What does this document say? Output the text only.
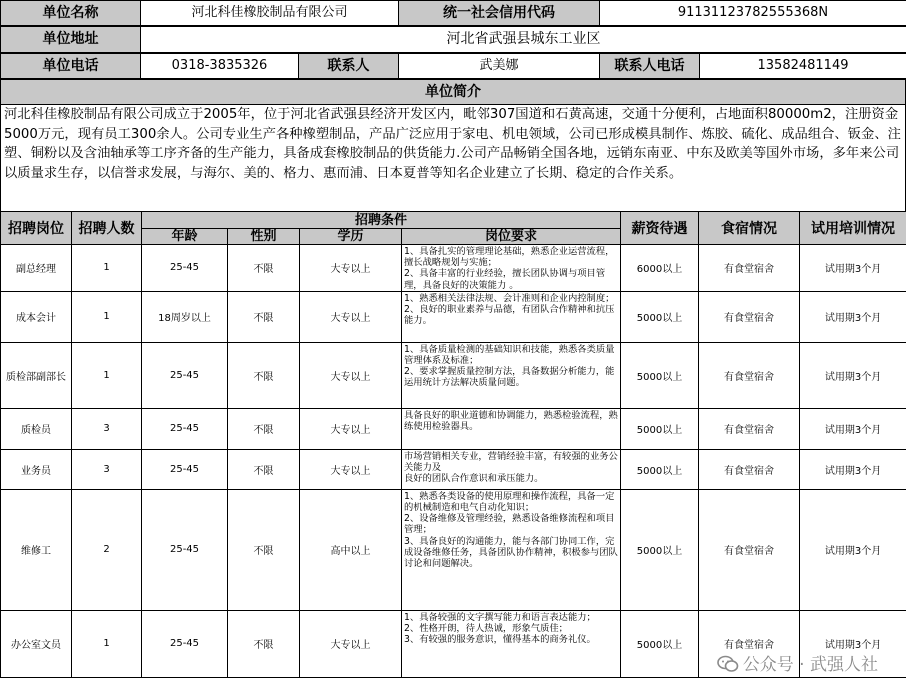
单位名称	河北科佳橡胶制品有限公司	统一社会信用代码	91131123782555368N
单位地址	河北省武强县城东工业区
单位电话	0318-3835326	联系人	武美娜	联系人电话	13582481149
单位简介
河北科佳橡胶制品有限公司成立于2005年，位于河北省武强县经济开发区内，毗邻307国道和石黄高速，交通十分便利，占地面积80000m2，注册资金5000万元，现有员工300余人。公司专业生产各种橡塑制品，产品广泛应用于家电、机电领域，公司已形成模具制作、炼胶、硫化、成品组合、钣金、注塑、铜粉以及含油轴承等工序齐备的生产能力，具备成套橡胶制品的供货能力.公司产品畅销全国各地，远销东南亚、中东及欧美等国外市场，多年来公司以质量求生存，以信誉求发展，与海尔、美的、格力、惠而浦、日本夏普等知名企业建立了长期、稳定的合作关系。
招聘岗位	招聘人数	招聘条件				薪资待遇	食宿情况	试用培训情况
		年龄	性别	学历	岗位要求			
副总经理	1	25-45	不限	大专以上	1、具备扎实的管理理论基础，熟悉企业运营流程，擅长战略规划与实施；
2、具备丰富的行业经验，擅长团队协调与项目管理，具备良好的决策能力 。	6000以上	有食堂宿舍	试用期3个月
成本会计	1	18周岁以上	不限	大专以上	1、熟悉相关法律法规、会计准则和企业内控制度；
2、良好的职业素养与品德，有团队合作精神和抗压能力。	5000以上	有食堂宿舍	试用期3个月
质检部副部长	1	25-45	不限	大专以上	1、具备质量检测的基础知识和技能，熟悉各类质量管理体系及标准；
2、要求掌握质量控制方法，具备数据分析能力，能运用统计方法解决质量问题。	5000以上	有食堂宿舍	试用期3个月
质检员	3	25-45	不限	大专以上	具备良好的职业道德和协调能力，熟悉检验流程，熟练使用检验器具。	5000以上	有食堂宿舍	试用期3个月
业务员	3	25-45	不限	大专以上	市场营销相关专业，营销经验丰富，有较强的业务公关能力及
良好的团队合作意识和承压能力。	5000以上	有食堂宿舍	试用期3个月
维修工	2	25-45	不限	高中以上	1、熟悉各类设备的使用原理和操作流程，具备一定的机械制造和电气自动化知识；
2、设备维修及管理经验，熟悉设备维修流程和项目管理；
3、具备良好的沟通能力，能与各部门协同工作，完成设备维修任务，具备团队协作精神，积极参与团队讨论和问题解决。	5000以上	有食堂宿舍	试用期3个月
办公室文员	1	25-45	不限	大专以上	1、具备较强的文字撰写能力和语言表达能力；
2、性格开朗，待人热诚，形象气质佳；
3、有较强的服务意识，懂得基本的商务礼仪。	5000以上	有食堂宿舍	试用期3个月
公众号 · 武强人社
